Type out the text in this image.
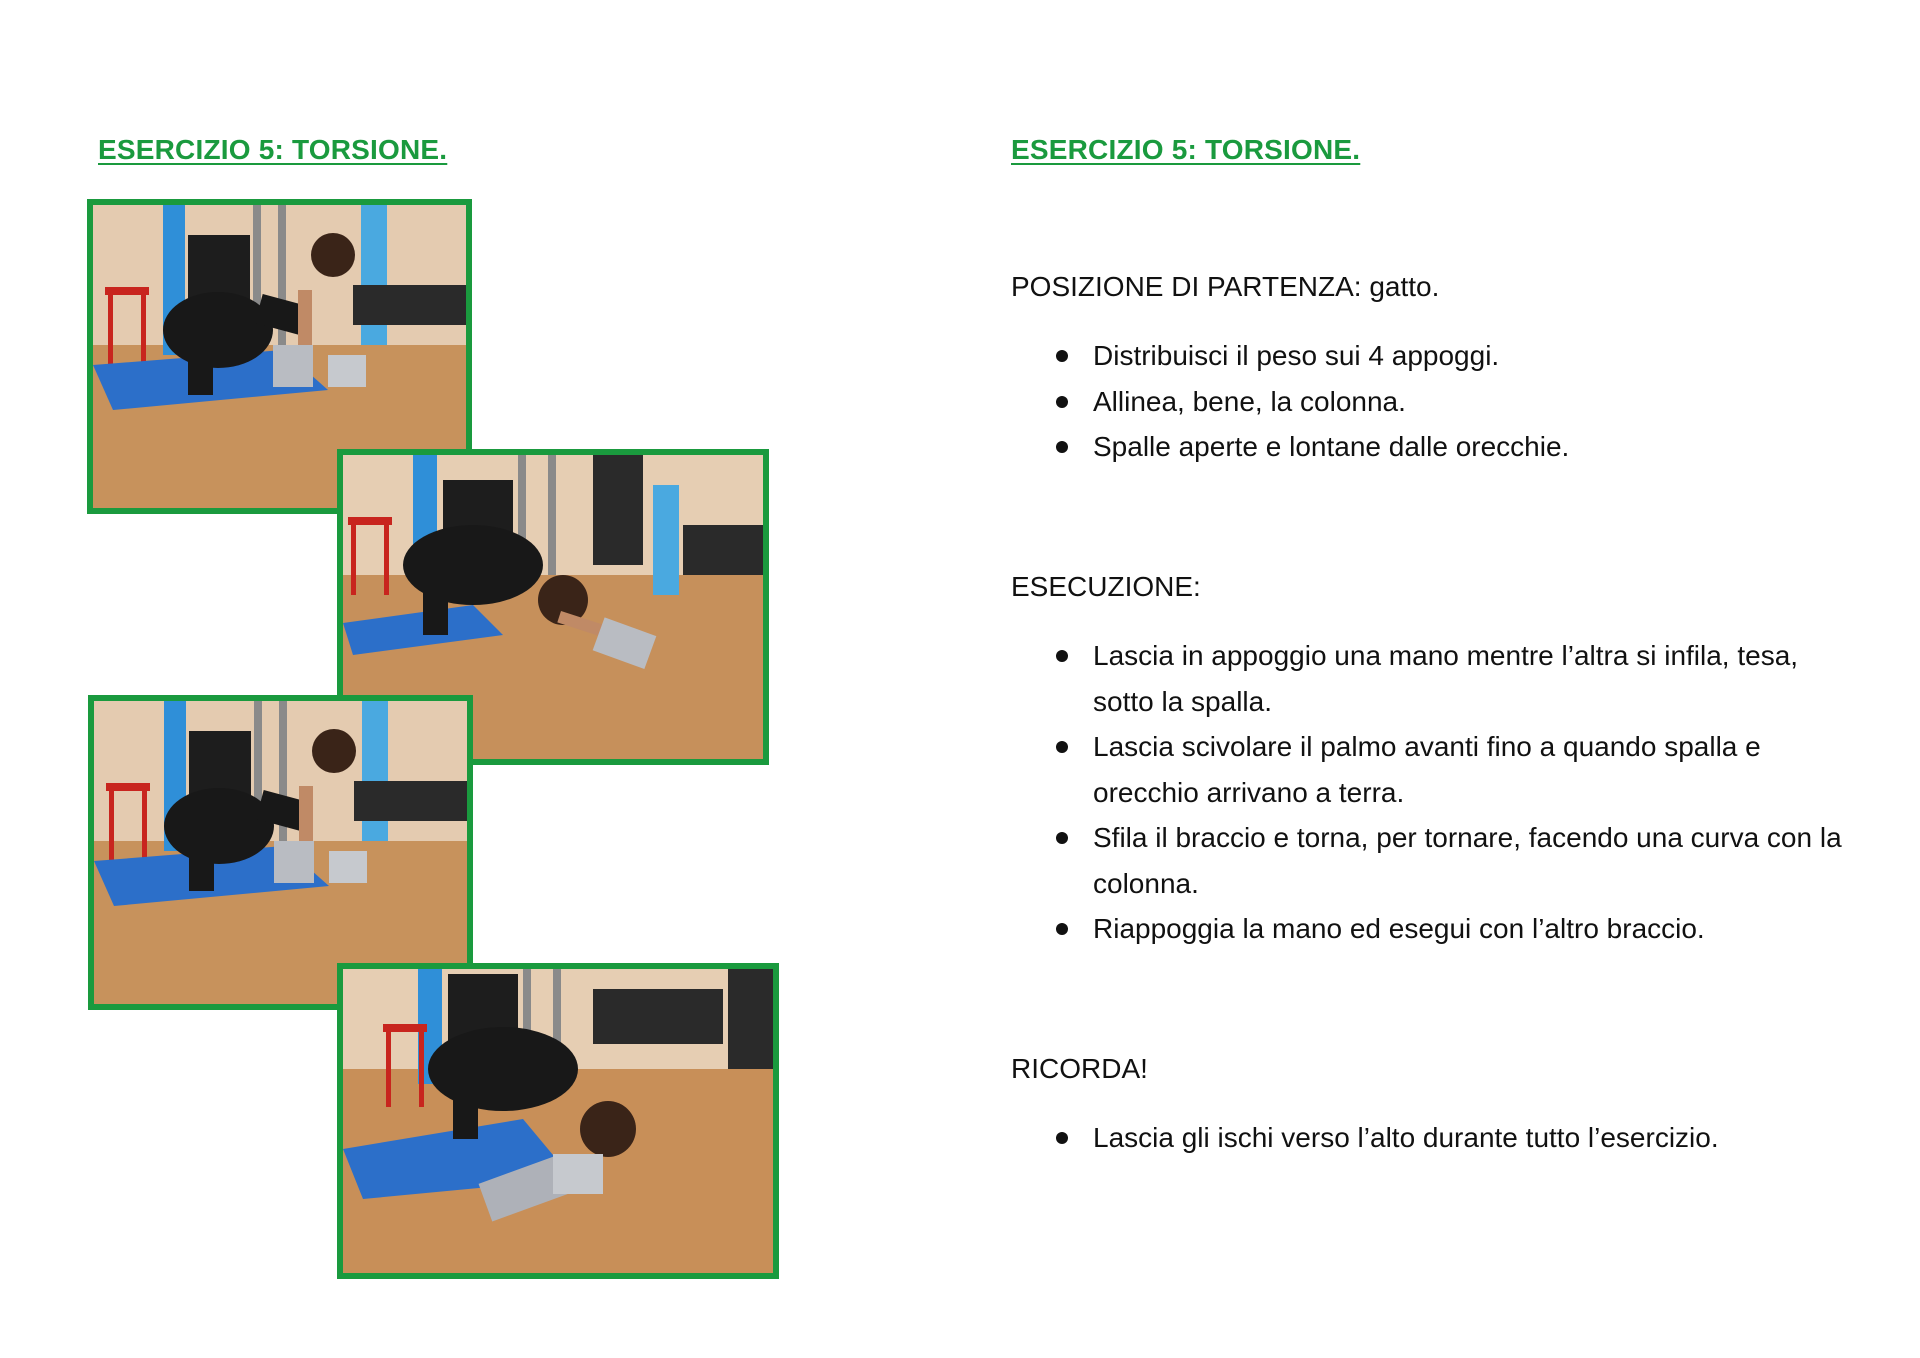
ESERCIZIO 5: TORSIONE.	ESERCIZIO 5: TORSIONE.
POSIZIONE DI PARTENZA: gatto.
Distribuisci il peso sui 4 appoggi.
Allinea, bene, la colonna.
Spalle aperte e lontane dalle orecchie.
ESECUZIONE:
Lascia in appoggio una mano mentre l’altra si infila, tesa, sotto la spalla.
Lascia scivolare il palmo avanti fino a quando spalla e orecchio arrivano a terra.
Sfila il braccio e torna, per tornare, facendo una curva con la colonna.
Riappoggia la mano ed esegui con l’altro braccio.
RICORDA!
Lascia gli ischi verso l’alto durante tutto l’esercizio.
